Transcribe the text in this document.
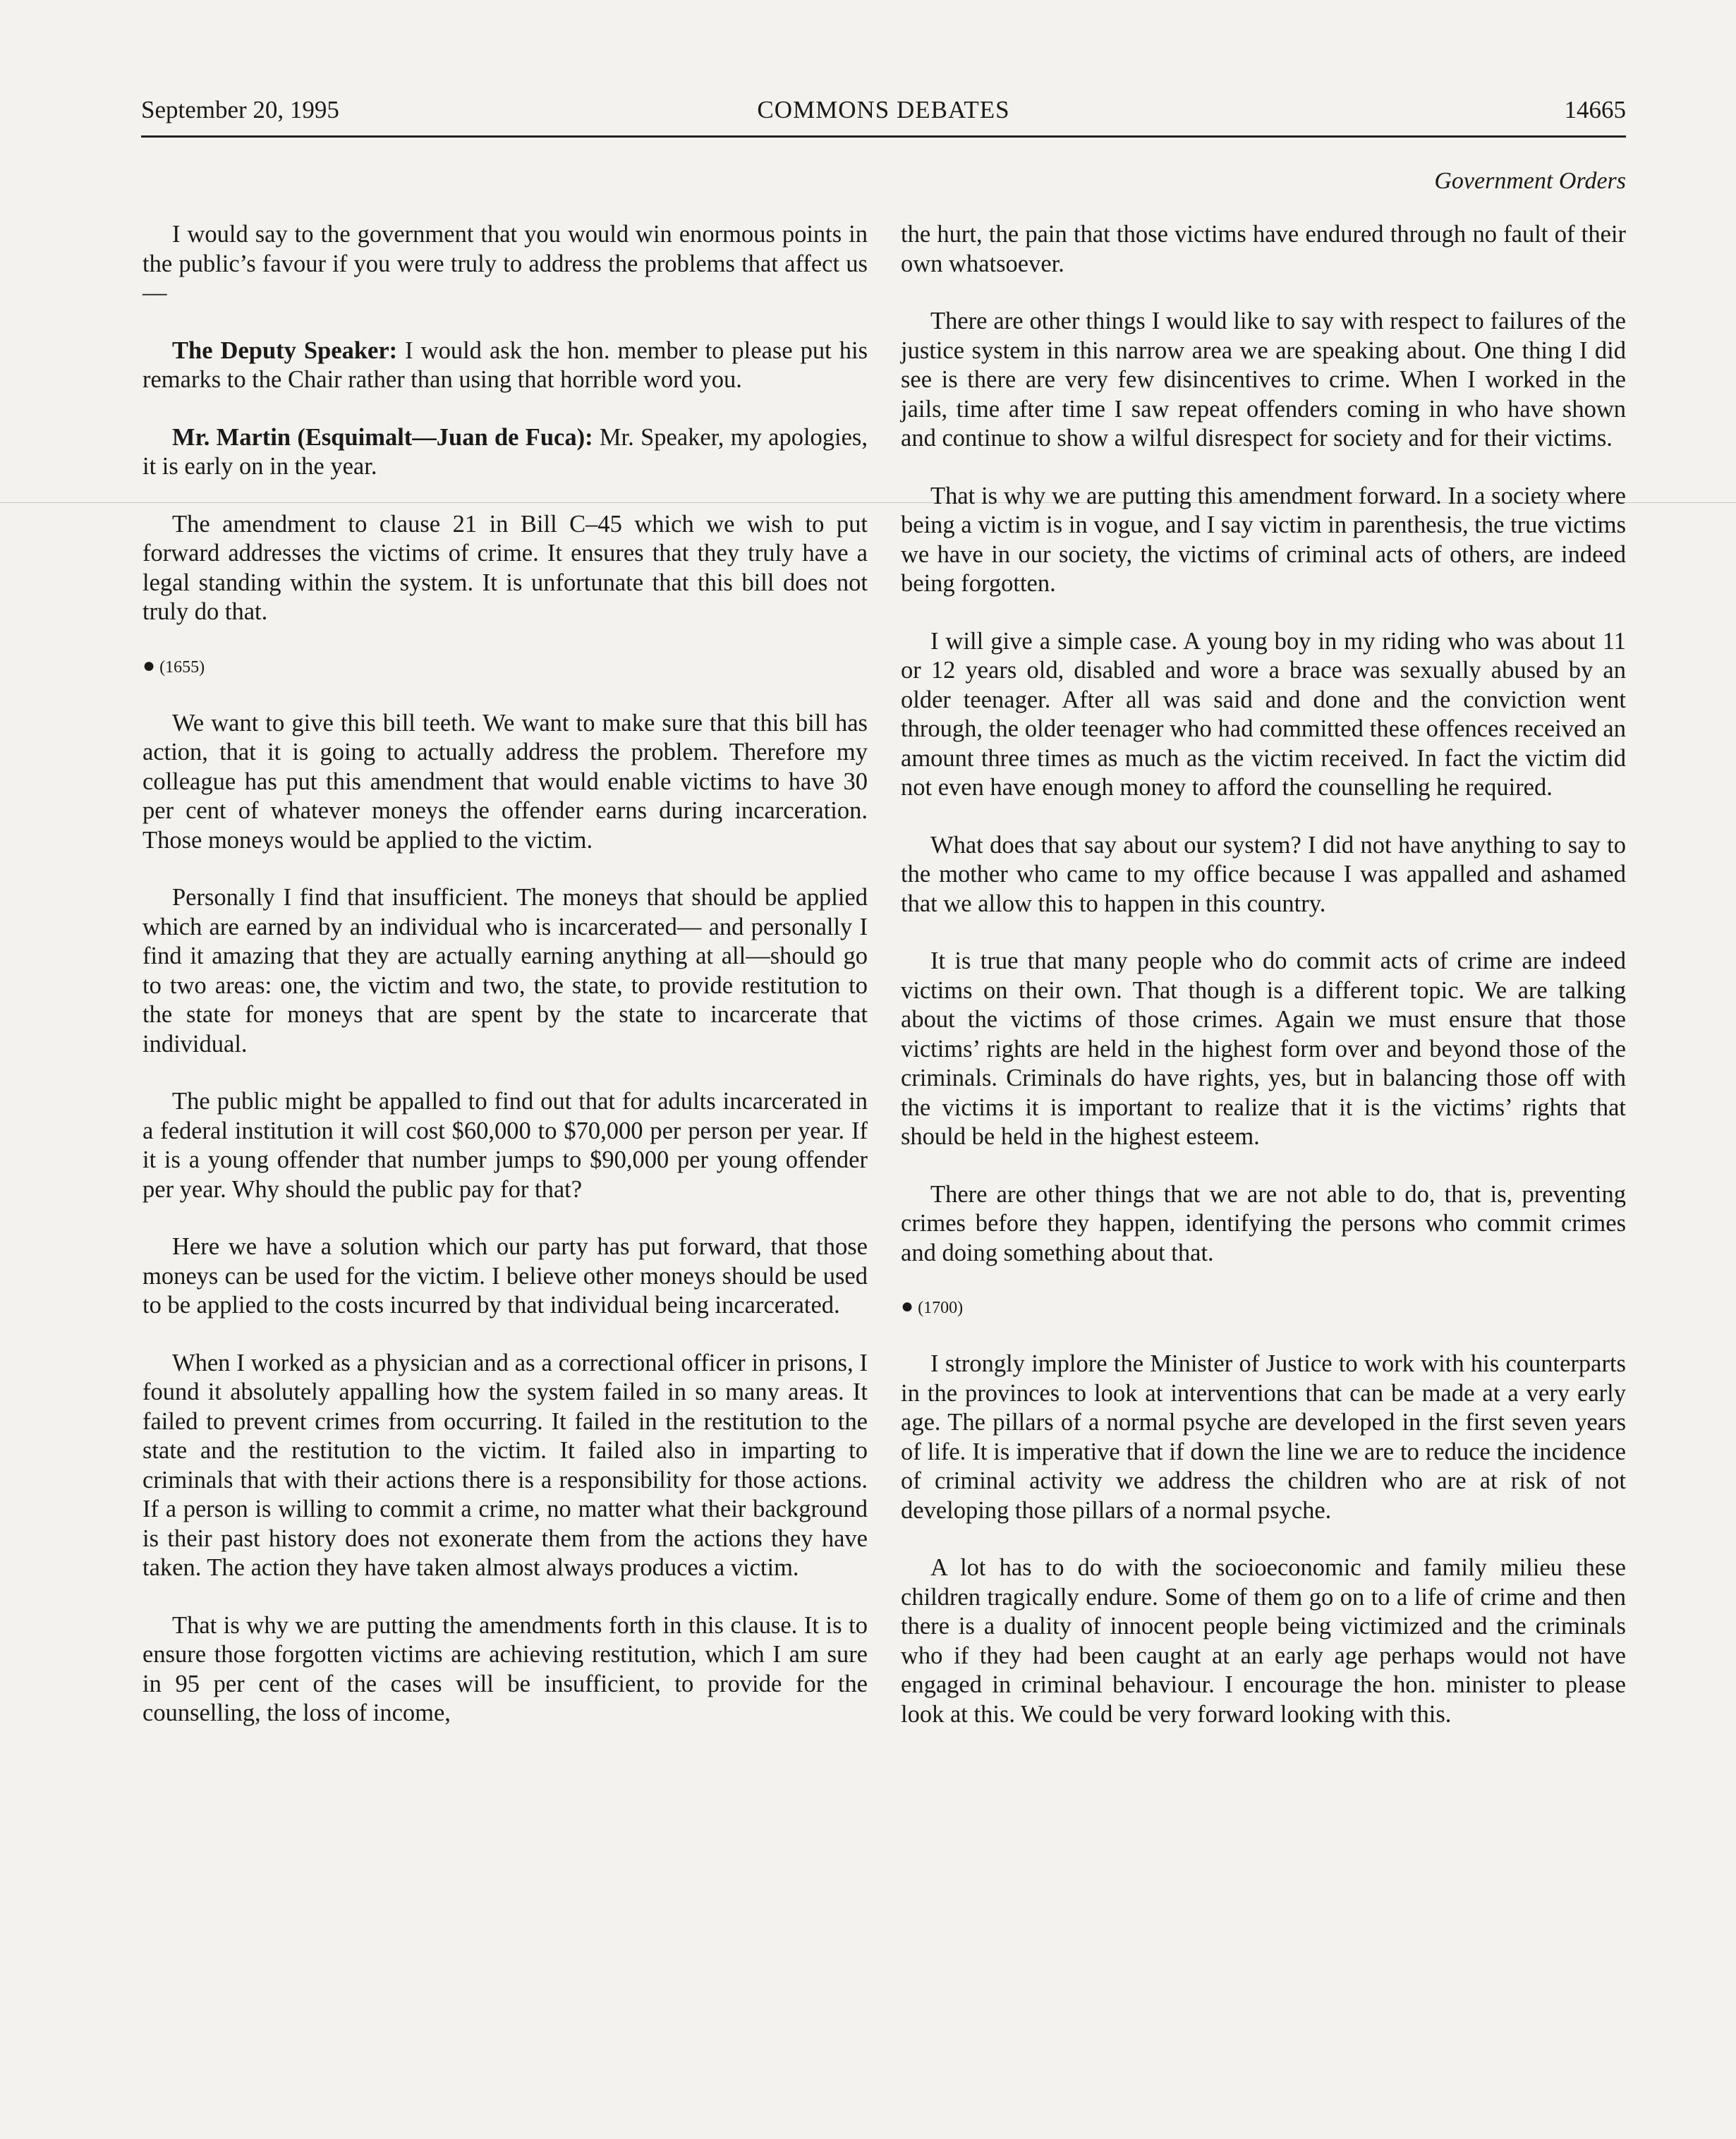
September 20, 1995	COMMONS DEBATES	14665
Government Orders

I would say to the government that you would win enormous points in the public’s favour if you were truly to address the problems that affect us—

The Deputy Speaker: I would ask the hon. member to please put his remarks to the Chair rather than using that horrible word you.

Mr. Martin (Esquimalt—Juan de Fuca): Mr. Speaker, my apologies, it is early on in the year.

The amendment to clause 21 in Bill C–45 which we wish to put forward addresses the victims of crime. It ensures that they truly have a legal standing within the system. It is unfortunate that this bill does not truly do that.

● (1655)

We want to give this bill teeth. We want to make sure that this bill has action, that it is going to actually address the problem. Therefore my colleague has put this amendment that would enable victims to have 30 per cent of whatever moneys the offender earns during incarceration. Those moneys would be applied to the victim.

Personally I find that insufficient. The moneys that should be applied which are earned by an individual who is incarcerated— and personally I find it amazing that they are actually earning anything at all—should go to two areas: one, the victim and two, the state, to provide restitution to the state for moneys that are spent by the state to incarcerate that individual.

The public might be appalled to find out that for adults incarcerated in a federal institution it will cost $60,000 to $70,000 per person per year. If it is a young offender that number jumps to $90,000 per young offender per year. Why should the public pay for that?

Here we have a solution which our party has put forward, that those moneys can be used for the victim. I believe other moneys should be used to be applied to the costs incurred by that individual being incarcerated.

When I worked as a physician and as a correctional officer in prisons, I found it absolutely appalling how the system failed in so many areas. It failed to prevent crimes from occurring. It failed in the restitution to the state and the restitution to the victim. It failed also in imparting to criminals that with their actions there is a responsibility for those actions. If a person is willing to commit a crime, no matter what their background is their past history does not exonerate them from the actions they have taken. The action they have taken almost always produces a victim.

That is why we are putting the amendments forth in this clause. It is to ensure those forgotten victims are achieving restitution, which I am sure in 95 per cent of the cases will be insufficient, to provide for the counselling, the loss of income,

the hurt, the pain that those victims have endured through no fault of their own whatsoever.

There are other things I would like to say with respect to failures of the justice system in this narrow area we are speaking about. One thing I did see is there are very few disincentives to crime. When I worked in the jails, time after time I saw repeat offenders coming in who have shown and continue to show a wilful disrespect for society and for their victims.

That is why we are putting this amendment forward. In a society where being a victim is in vogue, and I say victim in parenthesis, the true victims we have in our society, the victims of criminal acts of others, are indeed being forgotten.

I will give a simple case. A young boy in my riding who was about 11 or 12 years old, disabled and wore a brace was sexually abused by an older teenager. After all was said and done and the conviction went through, the older teenager who had committed these offences received an amount three times as much as the victim received. In fact the victim did not even have enough money to afford the counselling he required.

What does that say about our system? I did not have anything to say to the mother who came to my office because I was appalled and ashamed that we allow this to happen in this country.

It is true that many people who do commit acts of crime are indeed victims on their own. That though is a different topic. We are talking about the victims of those crimes. Again we must ensure that those victims’ rights are held in the highest form over and beyond those of the criminals. Criminals do have rights, yes, but in balancing those off with the victims it is important to realize that it is the victims’ rights that should be held in the highest esteem.

There are other things that we are not able to do, that is, preventing crimes before they happen, identifying the persons who commit crimes and doing something about that.

● (1700)

I strongly implore the Minister of Justice to work with his counterparts in the provinces to look at interventions that can be made at a very early age. The pillars of a normal psyche are developed in the first seven years of life. It is imperative that if down the line we are to reduce the incidence of criminal activity we address the children who are at risk of not developing those pillars of a normal psyche.

A lot has to do with the socioeconomic and family milieu these children tragically endure. Some of them go on to a life of crime and then there is a duality of innocent people being victimized and the criminals who if they had been caught at an early age perhaps would not have engaged in criminal behaviour. I encourage the hon. minister to please look at this. We could be very forward looking with this.
